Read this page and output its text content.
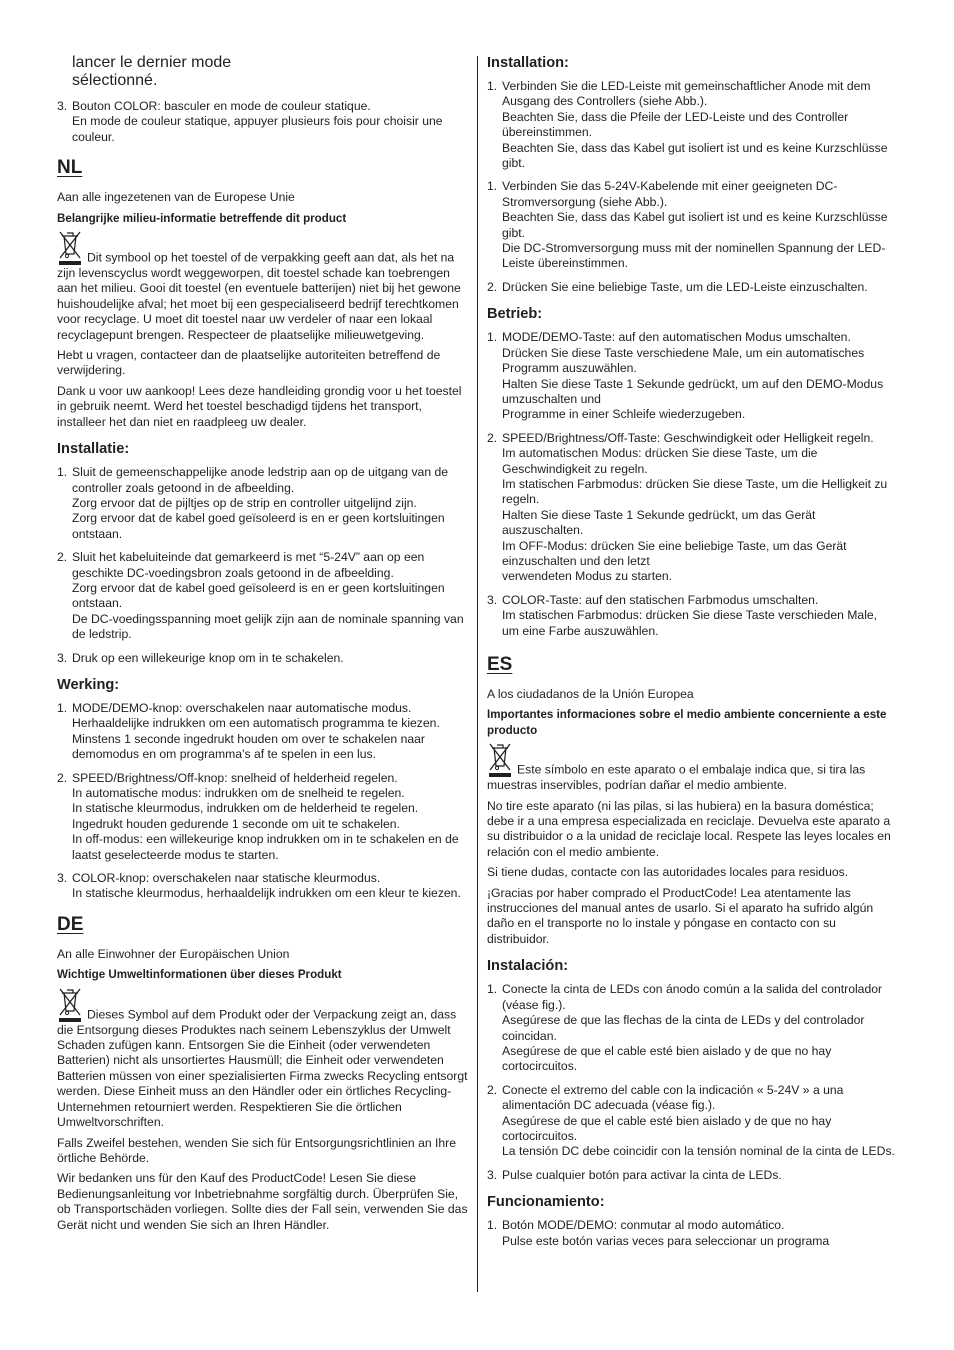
lancer le dernier mode
sélectionné.
3. Bouton COLOR: basculer en mode de couleur statique.
En mode de couleur statique, appuyer plusieurs fois pour choisir une couleur.
NL

Aan alle ingezetenen van de Europese Unie

Belangrijke milieu-informatie betreffende dit product

Dit symbool op het toestel of de verpakking geeft aan dat, als het na zijn levenscyclus wordt weggeworpen, dit toestel schade kan toebrengen aan het milieu. Gooi dit toestel (en eventuele batterijen) niet bij het gewone huishoudelijke afval; het moet bij een gespecialiseerd bedrijf terechtkomen voor recyclage. U moet dit toestel naar uw verdeler of naar een lokaal recyclagepunt brengen. Respecteer de plaatselijke milieuwetgeving.

Hebt u vragen, contacteer dan de plaatselijke autoriteiten betreffend de verwijdering.

Dank u voor uw aankoop! Lees deze handleiding grondig voor u het toestel in gebruik neemt. Werd het toestel beschadigd tijdens het transport, installeer het dan niet en raadpleeg uw dealer.

Installatie:
1. Sluit de gemeenschappelijke anode ledstrip aan op de uitgang van de controller zoals getoond in de afbeelding.
Zorg ervoor dat de pijltjes op de strip en controller uitgelijnd zijn.
Zorg ervoor dat de kabel goed geïsoleerd is en er geen kortsluitingen ontstaan.
2. Sluit het kabeluiteinde dat gemarkeerd is met “5-24V” aan op een geschikte DC-voedingsbron zoals getoond in de afbeelding.
Zorg ervoor dat de kabel goed geïsoleerd is en er geen kortsluitingen ontstaan.
De DC-voedingsspanning moet gelijk zijn aan de nominale spanning van de ledstrip.
3. Druk op een willekeurige knop om in te schakelen.
Werking:
1. MODE/DEMO-knop: overschakelen naar automatische modus.
Herhaaldelijke indrukken om een automatisch programma te kiezen.
Minstens 1 seconde ingedrukt houden om over te schakelen naar demomodus en om programma’s af te spelen in een lus.
2. SPEED/Brightness/Off-knop: snelheid of helderheid regelen.
In automatische modus: indrukken om de snelheid te regelen.
In statische kleurmodus, indrukken om de helderheid te regelen.
Ingedrukt houden gedurende 1 seconde om uit te schakelen.
In off-modus: een willekeurige knop indrukken om in te schakelen en de laatst geselecteerde modus te starten.
3. COLOR-knop: overschakelen naar statische kleurmodus.
In statische kleurmodus, herhaaldelijk indrukken om een kleur te kiezen.
DE

An alle Einwohner der Europäischen Union

Wichtige Umweltinformationen über dieses Produkt

Dieses Symbol auf dem Produkt oder der Verpackung zeigt an, dass die Entsorgung dieses Produktes nach seinem Lebenszyklus der Umwelt Schaden zufügen kann. Entsorgen Sie die Einheit (oder verwendeten Batterien) nicht als unsortiertes Hausmüll; die Einheit oder verwendeten Batterien müssen von einer spezialisierten Firma zwecks Recycling entsorgt werden. Diese Einheit muss an den Händler oder ein örtliches Recycling-Unternehmen retourniert werden. Respektieren Sie die örtlichen Umweltvorschriften.

Falls Zweifel bestehen, wenden Sie sich für Entsorgungsrichtlinien an Ihre örtliche Behörde.

Wir bedanken uns für den Kauf des ProductCode! Lesen Sie diese Bedienungsanleitung vor Inbetriebnahme sorgfältig durch. Überprüfen Sie, ob Transportschäden vorliegen. Sollte dies der Fall sein, verwenden Sie das Gerät nicht und wenden Sie sich an Ihren Händler.

Installation:
1. Verbinden Sie die LED-Leiste mit gemeinschaftlicher Anode mit dem Ausgang des Controllers (siehe Abb.).
Beachten Sie, dass die Pfeile der LED-Leiste und des Controller übereinstimmen.
Beachten Sie, dass das Kabel gut isoliert ist und es keine Kurzschlüsse gibt.
1. Verbinden Sie das 5-24V-Kabelende mit einer geeigneten DC-Stromversorgung (siehe Abb.).
Beachten Sie, dass das Kabel gut isoliert ist und es keine Kurzschlüsse gibt.
Die DC-Stromversorgung muss mit der nominellen Spannung der LED-Leiste übereinstimmen.
2. Drücken Sie eine beliebige Taste, um die LED-Leiste einzuschalten.
Betrieb:
1. MODE/DEMO-Taste: auf den automatischen Modus umschalten.
Drücken Sie diese Taste verschiedene Male, um ein automatisches Programm auszuwählen.
Halten Sie diese Taste 1 Sekunde gedrückt, um auf den DEMO-Modus umzuschalten und
Programme in einer Schleife wiederzugeben.
2. SPEED/Brightness/Off-Taste: Geschwindigkeit oder Helligkeit regeln.
Im automatischen Modus: drücken Sie diese Taste, um die Geschwindigkeit zu regeln.
Im statischen Farbmodus: drücken Sie diese Taste, um die Helligkeit zu regeln.
Halten Sie diese Taste 1 Sekunde gedrückt, um das Gerät auszuschalten.
Im OFF-Modus: drücken Sie eine beliebige Taste, um das Gerät einzuschalten und den letzt
verwendeten Modus zu starten.
3. COLOR-Taste: auf den statischen Farbmodus umschalten.
Im statischen Farbmodus: drücken Sie diese Taste verschieden Male, um eine Farbe auszuwählen.
ES

A los ciudadanos de la Unión Europea

Importantes informaciones sobre el medio ambiente concerniente a este producto

Este símbolo en este aparato o el embalaje indica que, si tira las muestras inservibles, podrían dañar el medio ambiente.

No tire este aparato (ni las pilas, si las hubiera) en la basura doméstica; debe ir a una empresa especializada en reciclaje. Devuelva este aparato a su distribuidor o a la unidad de reciclaje local. Respete las leyes locales en relación con el medio ambiente.

Si tiene dudas, contacte con las autoridades locales para residuos.

¡Gracias por haber comprado el ProductCode! Lea atentamente las instrucciones del manual antes de usarlo. Si el aparato ha sufrido algún daño en el transporte no lo instale y póngase en contacto con su distribuidor.

Instalación:
1. Conecte la cinta de LEDs con ánodo común a la salida del controlador (véase fig.).
Asegúrese de que las flechas de la cinta de LEDs y del controlador coincidan.
Asegúrese de que el cable esté bien aislado y de que no hay cortocircuitos.
2. Conecte el extremo del cable con la indicación « 5-24V » a una alimentación DC adecuada (véase fig.).
Asegúrese de que el cable esté bien aislado y de que no hay cortocircuitos.
La tensión DC debe coincidir con la tensión nominal de la cinta de LEDs.
3. Pulse cualquier botón para activar la cinta de LEDs.
Funcionamiento:
1. Botón MODE/DEMO: conmutar al modo automático.
Pulse este botón varias veces para seleccionar un programa
